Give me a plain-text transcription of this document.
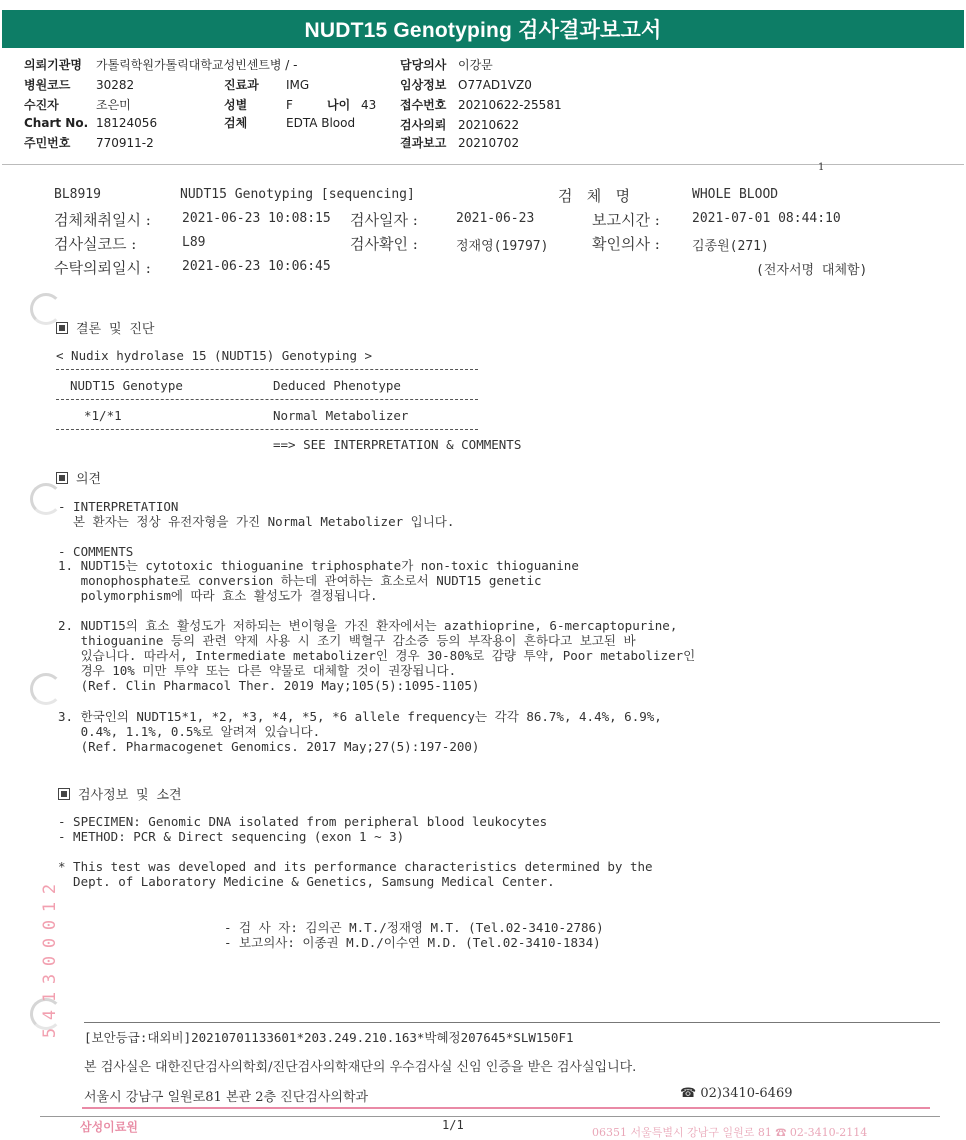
NUDT15 Genotyping 검사결과보고서
의뢰기관명 가톨릭학원가톨릭대학교성빈센트병 / -
병원코드 30282
수진자	조은미
Chart No. 18124056
주민번호 770911-2
진료과 IMG
성별	F	나이 43
검체	EDTA Blood
담당의사 이강문
임상정보 O77AD1VZ0
접수번호 20210622-25581
검사의뢰 20210622
결과보고 20210702
1
BL8919	NUDT15 Genotyping [sequencing]	검   체   명	WHOLE BLOOD
검체채취일시 : 2021-06-23 10:08:15 검사일자 :	2021-06-23	보고시간 : 2021-07-01 08:44:10
검사실코드 :	L89	검사확인 :	정재영(19797)	확인의사 : 김종원(271)
수탁의뢰일시 : 2021-06-23 10:06:45	(전자서명 대체함)
결론 및 진단
< Nudix hydrolase 15 (NUDT15) Genotyping >
NUDT15 Genotype	Deduced Phenotype
*1/*1	Normal Metabolizer
==> SEE INTERPRETATION & COMMENTS
의견
- INTERPRETATION
본 환자는 정상 유전자형을 가진 Normal Metabolizer 입니다.
- COMMENTS
1. NUDT15는 cytotoxic thioguanine triphosphate가 non-toxic thioguanine
monophosphate로 conversion 하는데 관여하는 효소로서 NUDT15 genetic
polymorphism에 따라 효소 활성도가 결정됩니다.
2. NUDT15의 효소 활성도가 저하되는 변이형을 가진 환자에서는 azathioprine, 6-mercaptopurine,
thioguanine 등의 관련 약제 사용 시 조기 백혈구 감소증 등의 부작용이 흔하다고 보고된 바
있습니다. 따라서, Intermediate metabolizer인 경우 30-80%로 감량 투약, Poor metabolizer인
경우 10% 미만 투약 또는 다른 약물로 대체할 것이 권장됩니다.
(Ref. Clin Pharmacol Ther. 2019 May;105(5):1095-1105)
3. 한국인의 NUDT15*1, *2, *3, *4, *5, *6 allele frequency는 각각 86.7%, 4.4%, 6.9%,
0.4%, 1.1%, 0.5%로 알려져 있습니다.
(Ref. Pharmacogenet Genomics. 2017 May;27(5):197-200)
검사정보 및 소견
- SPECIMEN: Genomic DNA isolated from peripheral blood leukocytes
- METHOD: PCR & Direct sequencing (exon 1 ~ 3)
* This test was developed and its performance characteristics determined by the
Dept. of Laboratory Medicine & Genetics, Samsung Medical Center.
- 검 사 자: 김의곤 M.T./정재영 M.T. (Tel.02-3410-2786)
- 보고의사: 이종권 M.D./이수연 M.D. (Tel.02-3410-1834)
5
4
1
3
0
0
0
1
2
[보안등급:대외비]20210701133601*203.249.210.163*박혜정207645*SLW150F1
본 검사실은 대한진단검사의학회/진단검사의학재단의 우수검사실 신임 인증을 받은 검사실입니다.
서울시 강남구 일원로81 본관 2층 진단검사의학과	☎ 02)3410-6469
삼성이료원	1/1
06351 서울특별시 강남구 일원로 81 ☎ 02-3410-2114
